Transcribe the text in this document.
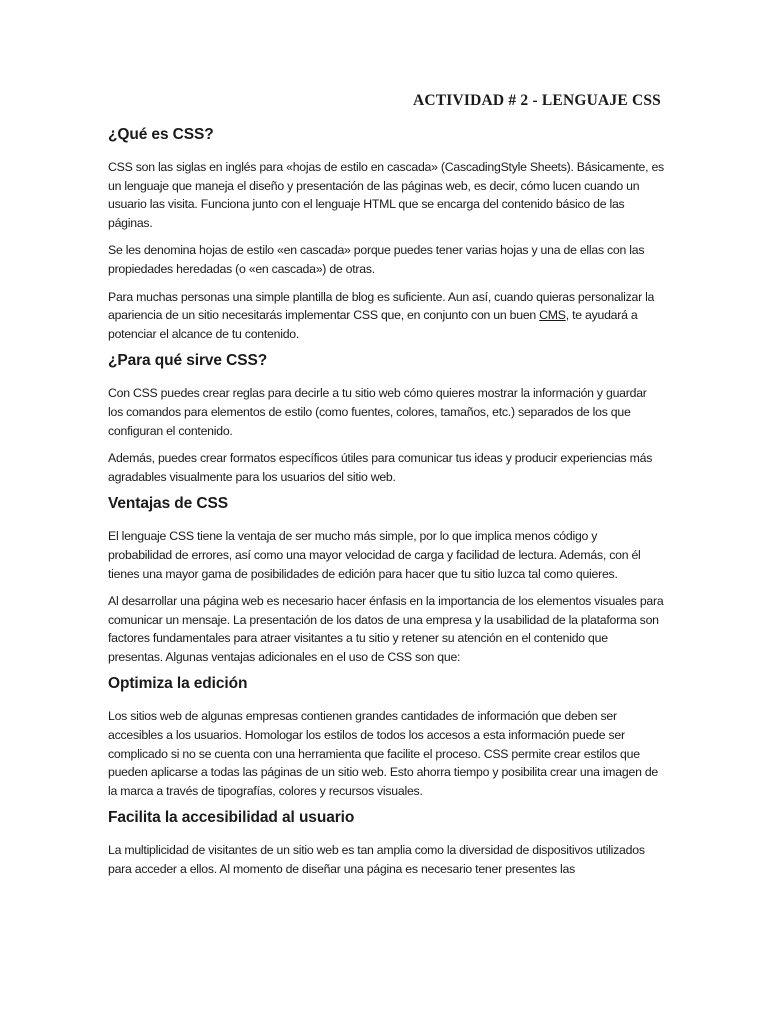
ACTIVIDAD # 2 - LENGUAJE CSS
¿Qué es CSS?

CSS son las siglas en inglés para «hojas de estilo en cascada» (CascadingStyle Sheets). Básicamente, es un lenguaje que maneja el diseño y presentación de las páginas web, es decir, cómo lucen cuando un usuario las visita. Funciona junto con el lenguaje HTML que se encarga del contenido básico de las páginas.

Se les denomina hojas de estilo «en cascada» porque puedes tener varias hojas y una de ellas con las propiedades heredadas (o «en cascada») de otras.

Para muchas personas una simple plantilla de blog es suficiente. Aun así, cuando quieras personalizar la apariencia de un sitio necesitarás implementar CSS que, en conjunto con un buen CMS, te ayudará a potenciar el alcance de tu contenido.

¿Para qué sirve CSS?

Con CSS puedes crear reglas para decirle a tu sitio web cómo quieres mostrar la información y guardar los comandos para elementos de estilo (como fuentes, colores, tamaños, etc.) separados de los que configuran el contenido.

Además, puedes crear formatos específicos útiles para comunicar tus ideas y producir experiencias más agradables visualmente para los usuarios del sitio web.

Ventajas de CSS

El lenguaje CSS tiene la ventaja de ser mucho más simple, por lo que implica menos código y probabilidad de errores, así como una mayor velocidad de carga y facilidad de lectura. Además, con él tienes una mayor gama de posibilidades de edición para hacer que tu sitio luzca tal como quieres.

Al desarrollar una página web es necesario hacer énfasis en la importancia de los elementos visuales para comunicar un mensaje. La presentación de los datos de una empresa y la usabilidad de la plataforma son factores fundamentales para atraer visitantes a tu sitio y retener su atención en el contenido que presentas. Algunas ventajas adicionales en el uso de CSS son que:

Optimiza la edición

Los sitios web de algunas empresas contienen grandes cantidades de información que deben ser accesibles a los usuarios. Homologar los estilos de todos los accesos a esta información puede ser complicado si no se cuenta con una herramienta que facilite el proceso. CSS permite crear estilos que pueden aplicarse a todas las páginas de un sitio web. Esto ahorra tiempo y posibilita crear una imagen de la marca a través de tipografías, colores y recursos visuales.

Facilita la accesibilidad al usuario

La multiplicidad de visitantes de un sitio web es tan amplia como la diversidad de dispositivos utilizados para acceder a ellos. Al momento de diseñar una página es necesario tener presentes las
